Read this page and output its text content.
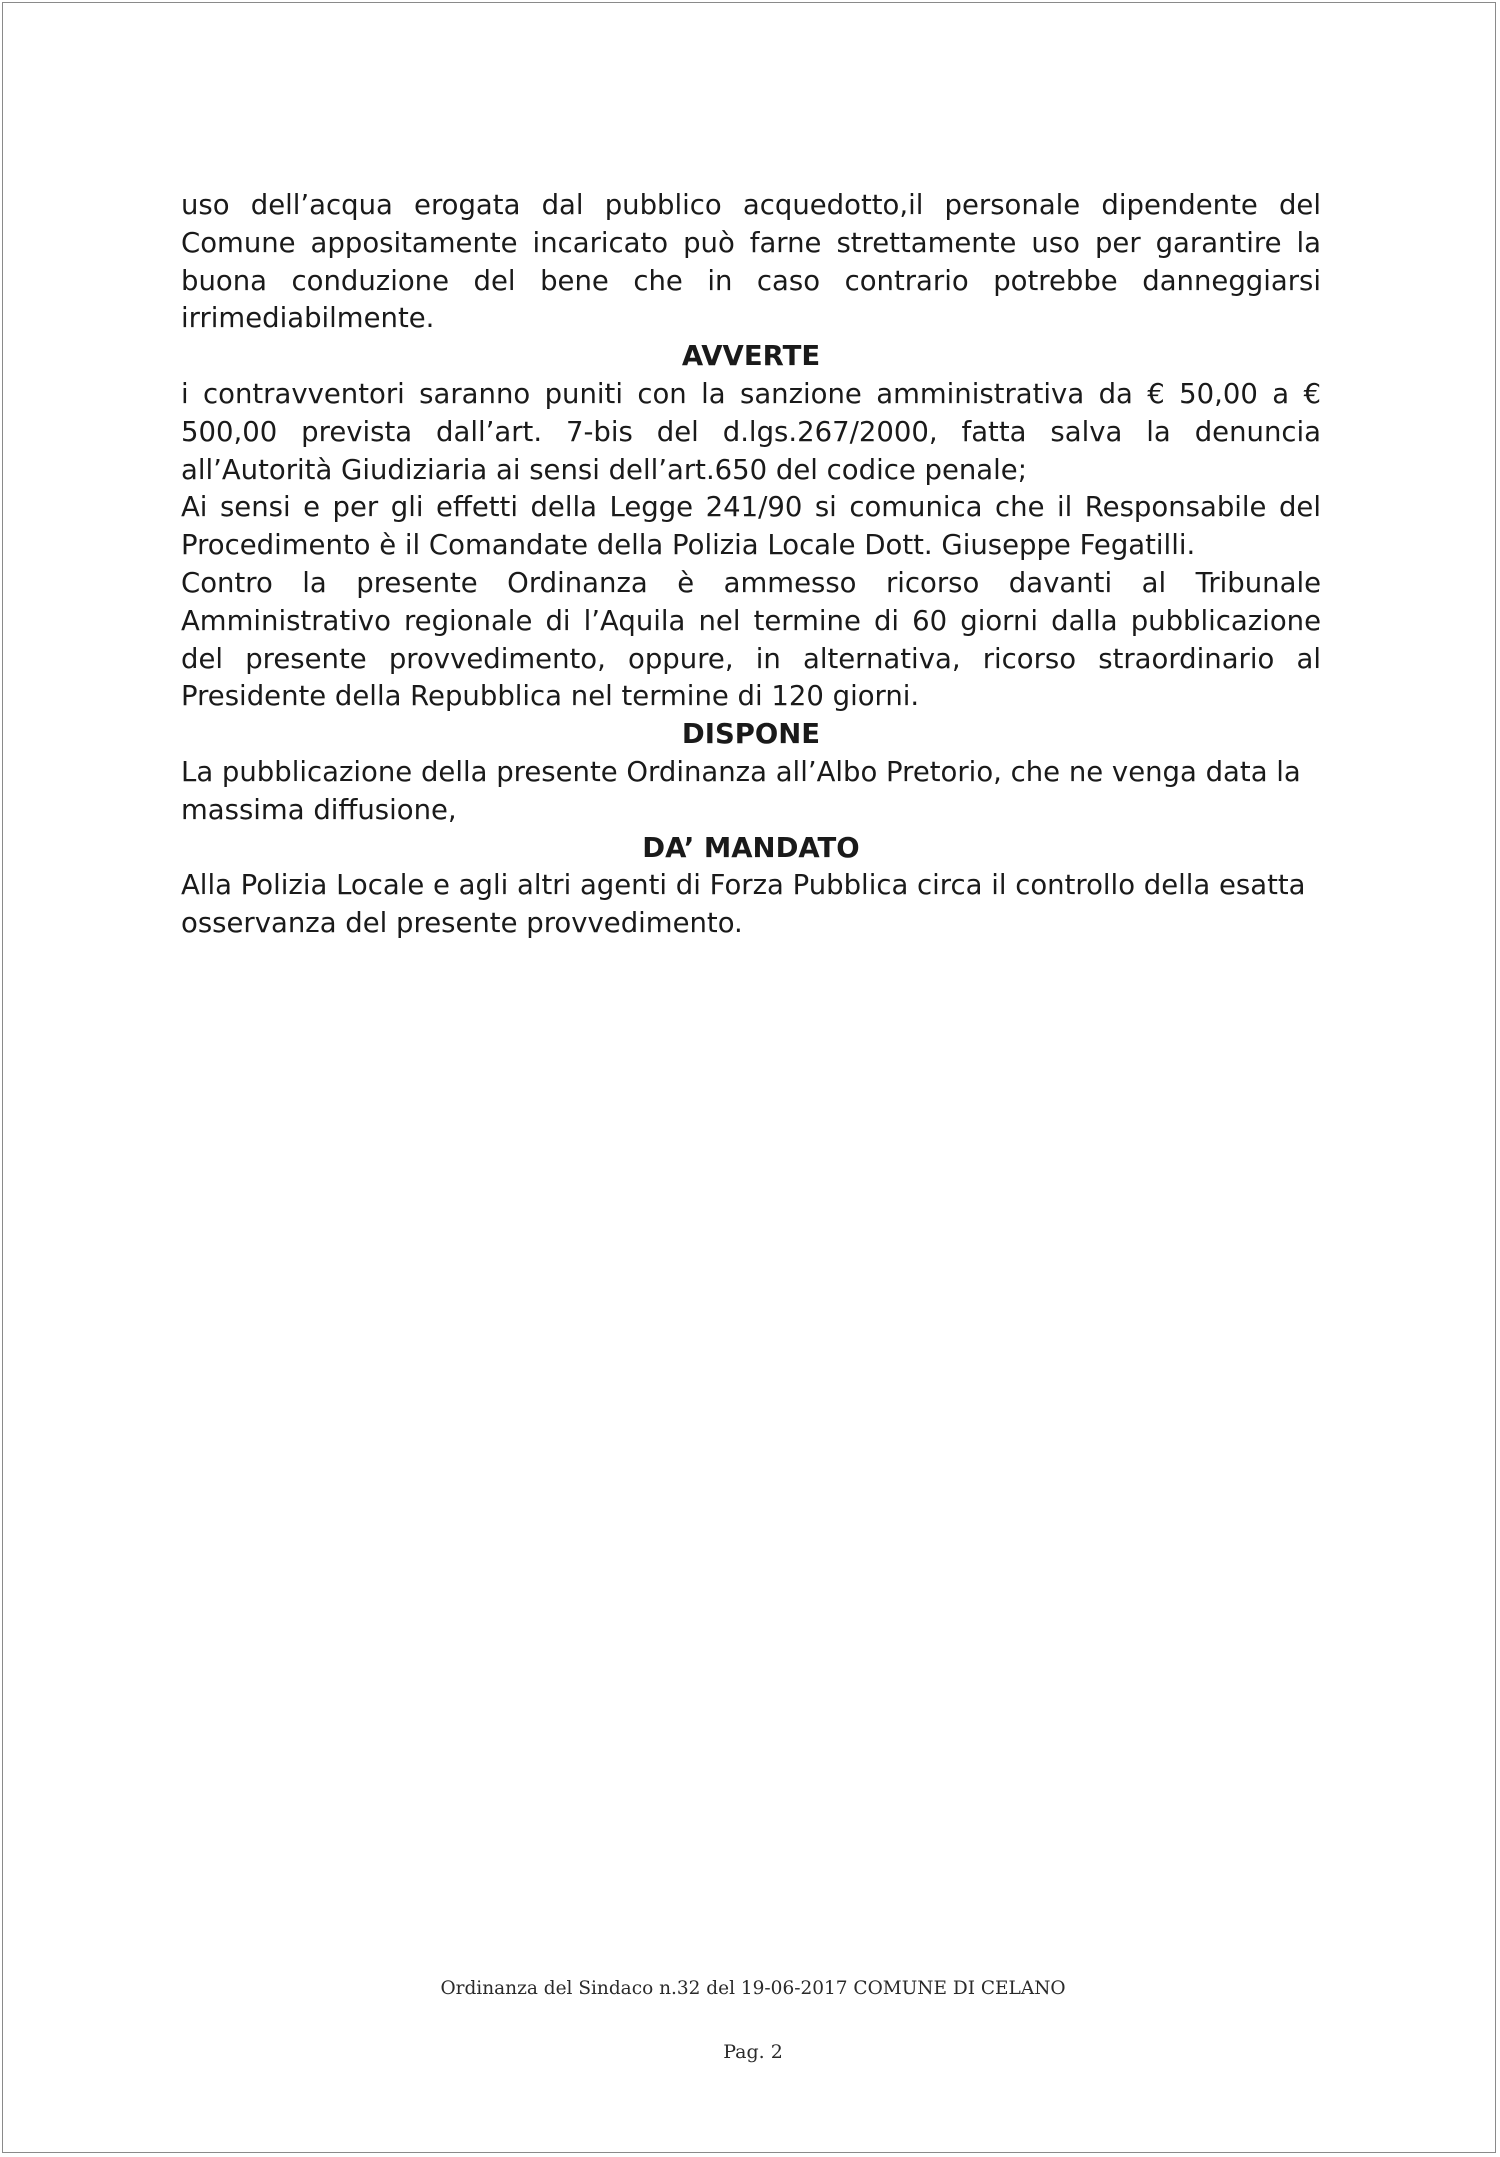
uso dell’acqua erogata dal pubblico acquedotto,il personale dipendente del Comune appositamente incaricato può farne strettamente uso per garantire la buona conduzione del bene che in caso contrario potrebbe danneggiarsi irrimediabilmente.

AVVERTE

i contravventori saranno puniti con la sanzione amministrativa da € 50,00 a € 500,00 prevista dall’art. 7-bis del d.lgs.267/2000, fatta salva la denuncia all’Autorità Giudiziaria ai sensi dell’art.650 del codice penale;

Ai sensi e per gli effetti della Legge 241/90 si comunica che il Responsabile del Procedimento è il Comandate della Polizia Locale Dott. Giuseppe Fegatilli.

Contro la presente Ordinanza è ammesso ricorso davanti al Tribunale Amministrativo regionale di l’Aquila nel termine di 60 giorni dalla pubblicazione del presente provvedimento, oppure, in alternativa, ricorso straordinario al Presidente della Repubblica nel termine di 120 giorni.

DISPONE

La pubblicazione della presente Ordinanza all’Albo Pretorio, che ne venga data la massima diffusione,

DA’ MANDATO

Alla Polizia Locale e agli altri agenti di Forza Pubblica circa il controllo della esatta osservanza del presente provvedimento.

Ordinanza del Sindaco n.32 del 19-06-2017 COMUNE DI CELANO
Pag. 2
